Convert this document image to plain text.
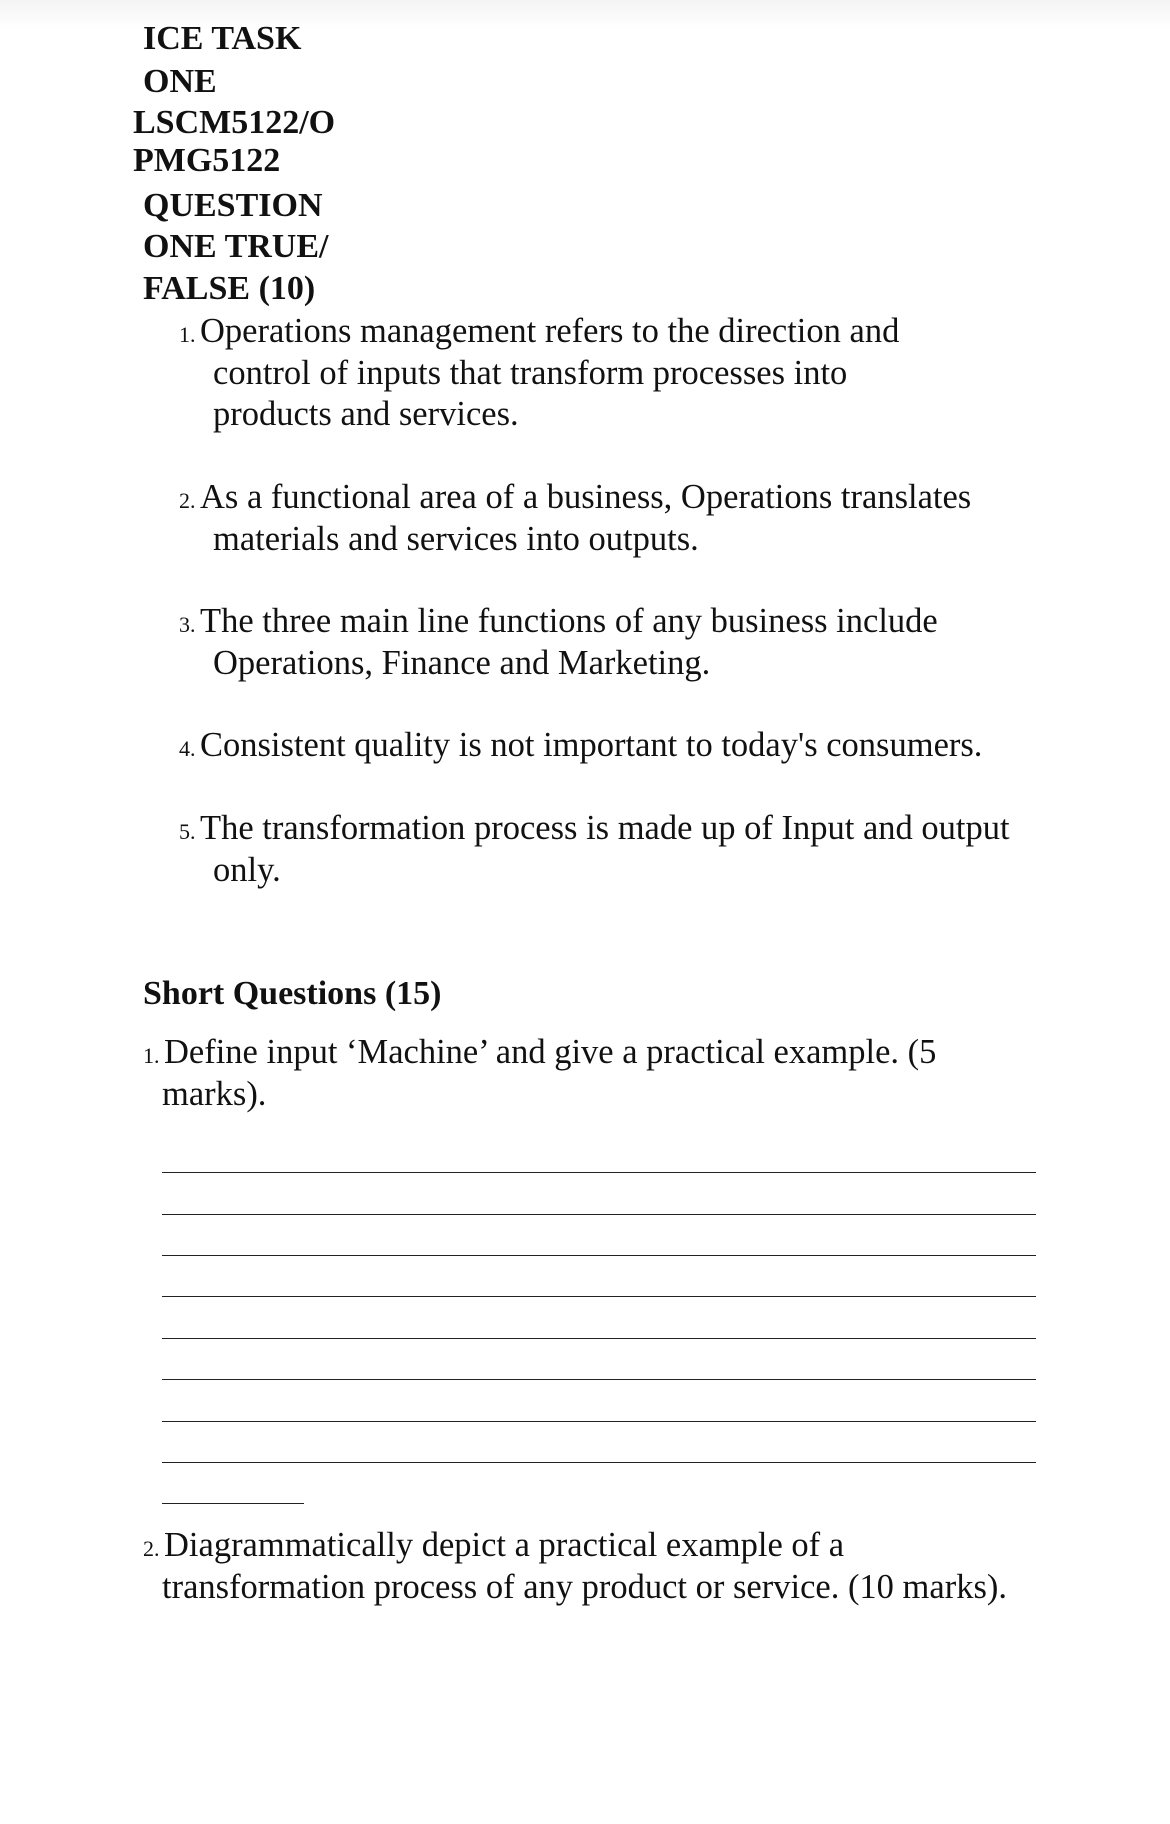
ICE TASK
ONE
LSCM5122/O
PMG5122
QUESTION
ONE TRUE/
FALSE (10)
1. Operations management refers to the direction and
control of inputs that transform processes into
products and services.
2. As a functional area of a business, Operations translates
materials and services into outputs.
3. The three main line functions of any business include
Operations, Finance and Marketing.
4. Consistent quality is not important to today's consumers.
5. The transformation process is made up of Input and output
only.
Short Questions (15)
1. Define input ‘Machine’ and give a practical example. (5
marks).
2. Diagrammatically depict a practical example of a
transformation process of any product or service. (10 marks).
